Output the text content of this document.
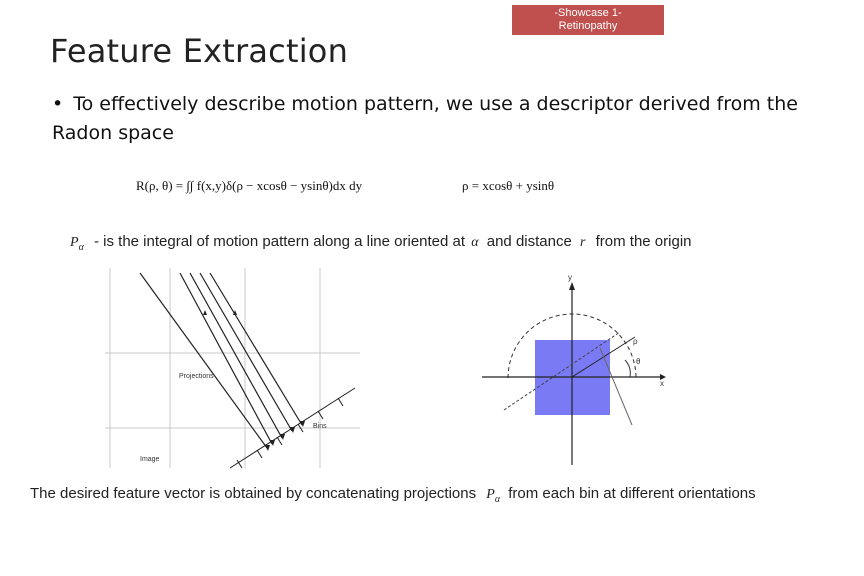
-Showcase 1-
Retinopathy
Feature Extraction
• To effectively describe motion pattern, we use a descriptor derived from the Radon space
R(ρ, θ) = ∫∫ f(x,y)δ(ρ − xcosθ − ysinθ)dx dy	ρ = xcosθ + ysinθ
$P_\alpha$ - is the integral of motion pattern along a line oriented at α and distance r from the origin
Projections
Bins
Image
y
x
ρ
θ
The desired feature vector is obtained by concatenating projections $P_\alpha$ from each bin at different orientations
